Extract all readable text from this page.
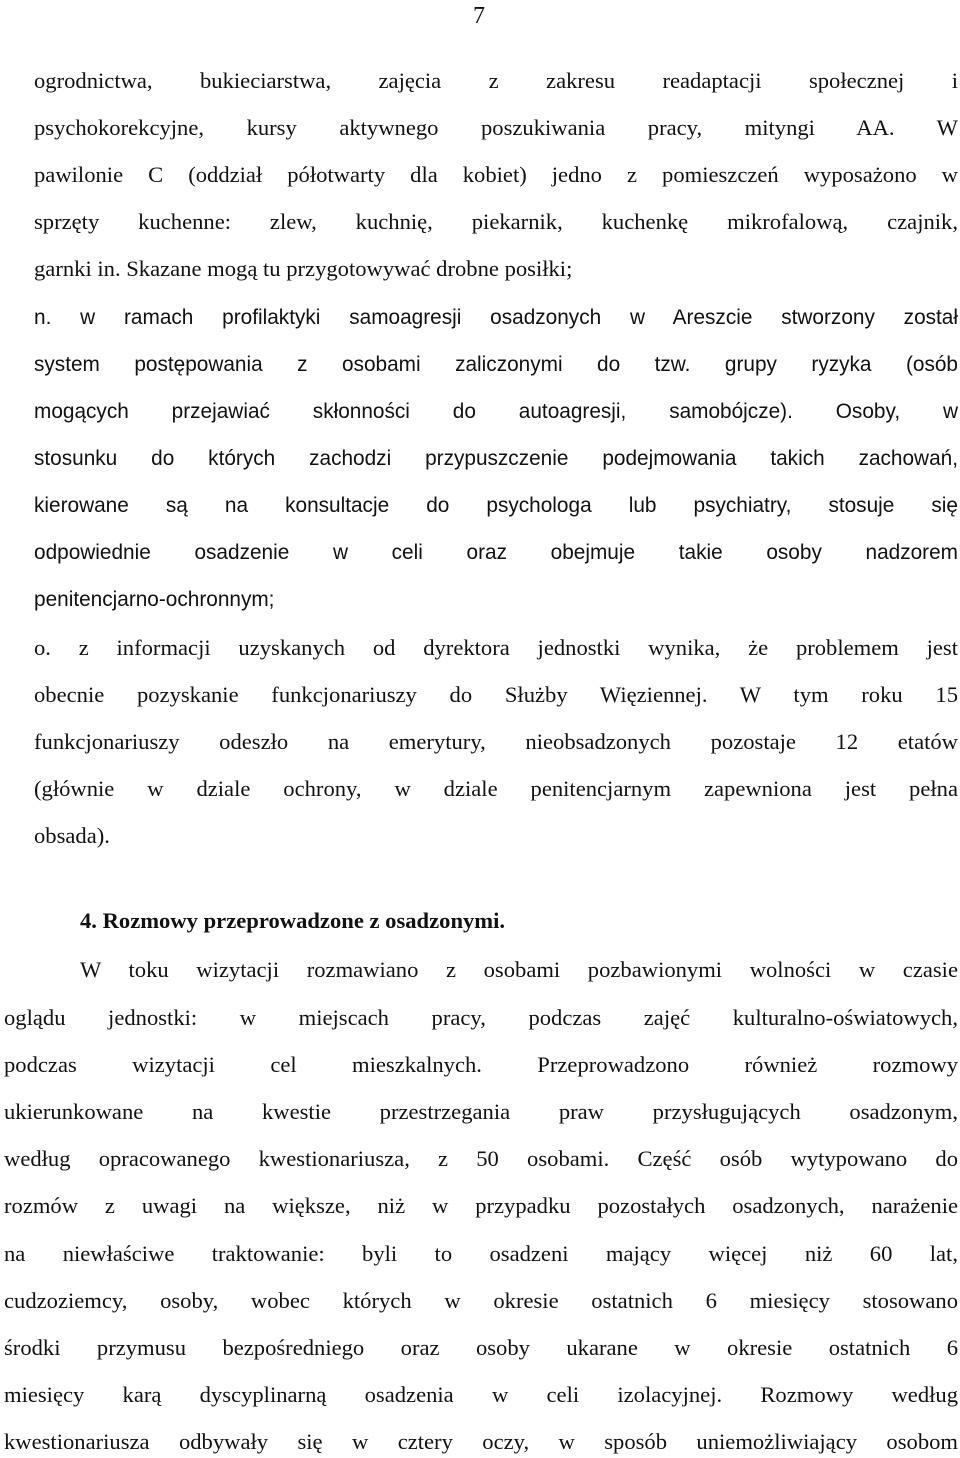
7
ogrodnictwa, bukieciarstwa, zajęcia z zakresu readaptacji społecznej i
psychokorekcyjne, kursy aktywnego poszukiwania pracy, mityngi AA. W
pawilonie C (oddział półotwarty dla kobiet) jedno z pomieszczeń wyposażono w
sprzęty kuchenne: zlew, kuchnię, piekarnik, kuchenkę mikrofalową, czajnik,
garnki in. Skazane mogą tu przygotowywać drobne posiłki;
n. w ramach profilaktyki samoagresji osadzonych w Areszcie stworzony został
system postępowania z osobami zaliczonymi do tzw. grupy ryzyka (osób
mogących przejawiać skłonności do autoagresji, samobójcze). Osoby, w
stosunku do których zachodzi przypuszczenie podejmowania takich zachowań,
kierowane są na konsultacje do psychologa lub psychiatry, stosuje się
odpowiednie osadzenie w celi oraz obejmuje takie osoby nadzorem
penitencjarno-ochronnym;
o. z informacji uzyskanych od dyrektora jednostki wynika, że problemem jest
obecnie pozyskanie funkcjonariuszy do Służby Więziennej. W tym roku 15
funkcjonariuszy odeszło na emerytury, nieobsadzonych pozostaje 12 etatów
(głównie w dziale ochrony, w dziale penitencjarnym zapewniona jest pełna
obsada).
4. Rozmowy przeprowadzone z osadzonymi.
W toku wizytacji rozmawiano z osobami pozbawionymi wolności w czasie
oglądu jednostki: w miejscach pracy, podczas zajęć kulturalno-oświatowych,
podczas wizytacji cel mieszkalnych. Przeprowadzono również rozmowy
ukierunkowane na kwestie przestrzegania praw przysługujących osadzonym,
według opracowanego kwestionariusza, z 50 osobami. Część osób wytypowano do
rozmów z uwagi na większe, niż w przypadku pozostałych osadzonych, narażenie
na niewłaściwe traktowanie: byli to osadzeni mający więcej niż 60 lat,
cudzoziemcy, osoby, wobec których w okresie ostatnich 6 miesięcy stosowano
środki przymusu bezpośredniego oraz osoby ukarane w okresie ostatnich 6
miesięcy karą dyscyplinarną osadzenia w celi izolacyjnej. Rozmowy według
kwestionariusza odbywały się w cztery oczy, w sposób uniemożliwiający osobom
